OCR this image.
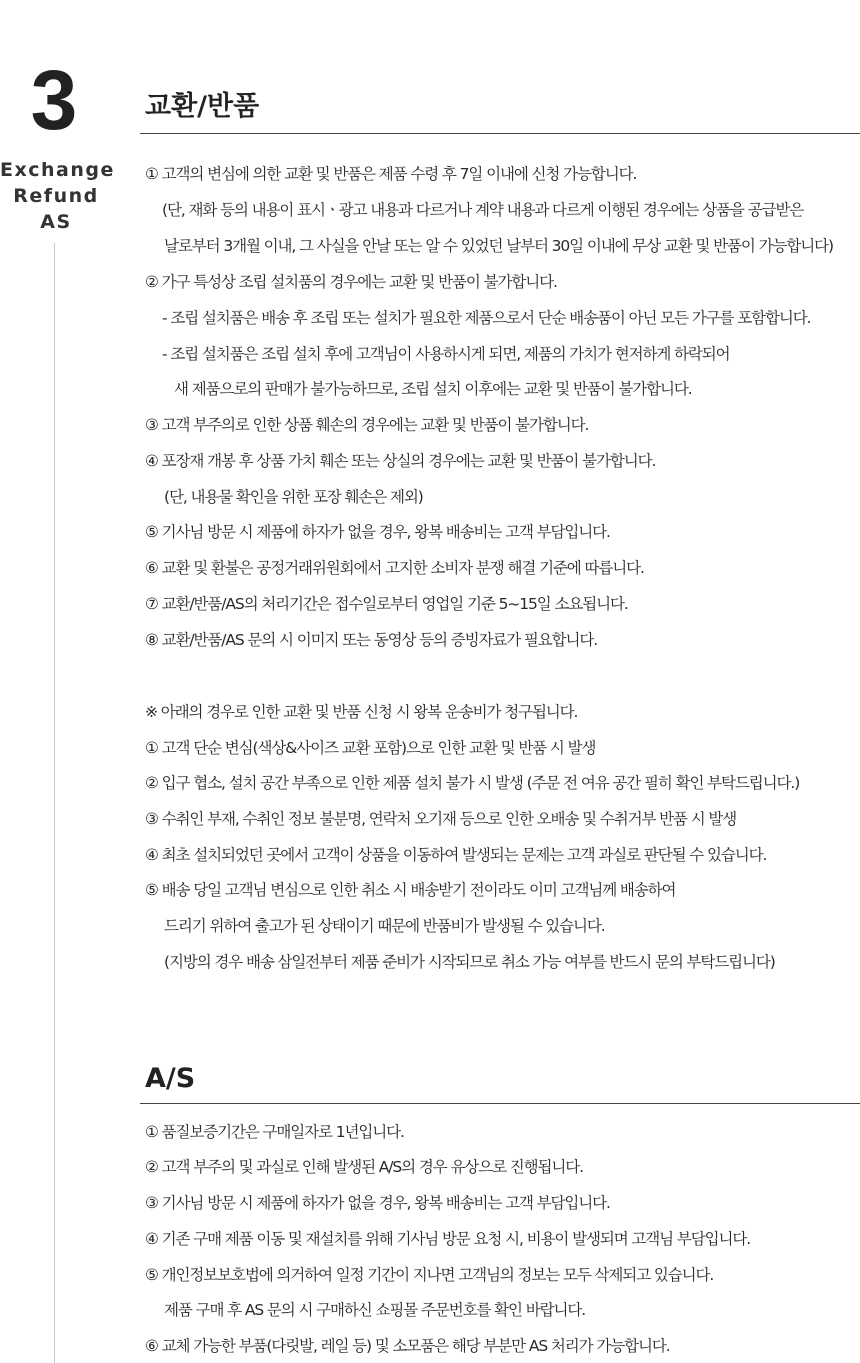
3
Exchange
Refund
AS
교환/반품
① 고객의 변심에 의한 교환 및 반품은 제품 수령 후 7일 이내에 신청 가능합니다.
(단, 재화 등의 내용이 표시ㆍ광고 내용과 다르거나 계약 내용과 다르게 이행된 경우에는 상품을 공급받은
날로부터 3개월 이내, 그 사실을 안날 또는 알 수 있었던 날부터 30일 이내에 무상 교환 및 반품이 가능합니다)
② 가구 특성상 조립 설치품의 경우에는 교환 및 반품이 불가합니다.
- 조립 설치품은 배송 후 조립 또는 설치가 필요한 제품으로서 단순 배송품이 아닌 모든 가구를 포함합니다.
- 조립 설치품은 조립 설치 후에 고객님이 사용하시게 되면, 제품의 가치가 현저하게 하락되어
새 제품으로의 판매가 불가능하므로, 조립 설치 이후에는 교환 및 반품이 불가합니다.
③ 고객 부주의로 인한 상품 훼손의 경우에는 교환 및 반품이 불가합니다.
④ 포장재 개봉 후 상품 가치 훼손 또는 상실의 경우에는 교환 및 반품이 불가합니다.
(단, 내용물 확인을 위한 포장 훼손은 제외)
⑤ 기사님 방문 시 제품에 하자가 없을 경우, 왕복 배송비는 고객 부담입니다.
⑥ 교환 및 환불은 공정거래위원회에서 고지한 소비자 분쟁 해결 기준에 따릅니다.
⑦ 교환/반품/AS의 처리기간은 접수일로부터 영업일 기준 5~15일 소요됩니다.
⑧ 교환/반품/AS 문의 시 이미지 또는 동영상 등의 증빙자료가 필요합니다.
※ 아래의 경우로 인한 교환 및 반품 신청 시 왕복 운송비가 청구됩니다.
① 고객 단순 변심(색상&사이즈 교환 포함)으로 인한 교환 및 반품 시 발생
② 입구 협소, 설치 공간 부족으로 인한 제품 설치 불가 시 발생 (주문 전 여유 공간 필히 확인 부탁드립니다.)
③ 수취인 부재, 수취인 정보 불분명, 연락처 오기재 등으로 인한 오배송 및 수취거부 반품 시 발생
④ 최초 설치되었던 곳에서 고객이 상품을 이동하여 발생되는 문제는 고객 과실로 판단될 수 있습니다.
⑤ 배송 당일 고객님 변심으로 인한 취소 시 배송받기 전이라도 이미 고객님께 배송하여
드리기 위하여 출고가 된 상태이기 때문에 반품비가 발생될 수 있습니다.
(지방의 경우 배송 삼일전부터 제품 준비가 시작되므로 취소 가능 여부를 반드시 문의 부탁드립니다)
A/S
① 품질보증기간은 구매일자로 1년입니다.
② 고객 부주의 및 과실로 인해 발생된 A/S의 경우 유상으로 진행됩니다.
③ 기사님 방문 시 제품에 하자가 없을 경우, 왕복 배송비는 고객 부담입니다.
④ 기존 구매 제품 이동 및 재설치를 위해 기사님 방문 요청 시, 비용이 발생되며 고객님 부담입니다.
⑤ 개인정보보호법에 의거하여 일정 기간이 지나면 고객님의 정보는 모두 삭제되고 있습니다.
제품 구매 후 AS 문의 시 구매하신 쇼핑몰 주문번호를 확인 바랍니다.
⑥ 교체 가능한 부품(다릿발, 레일 등) 및 소모품은 해당 부분만 AS 처리가 가능합니다.
